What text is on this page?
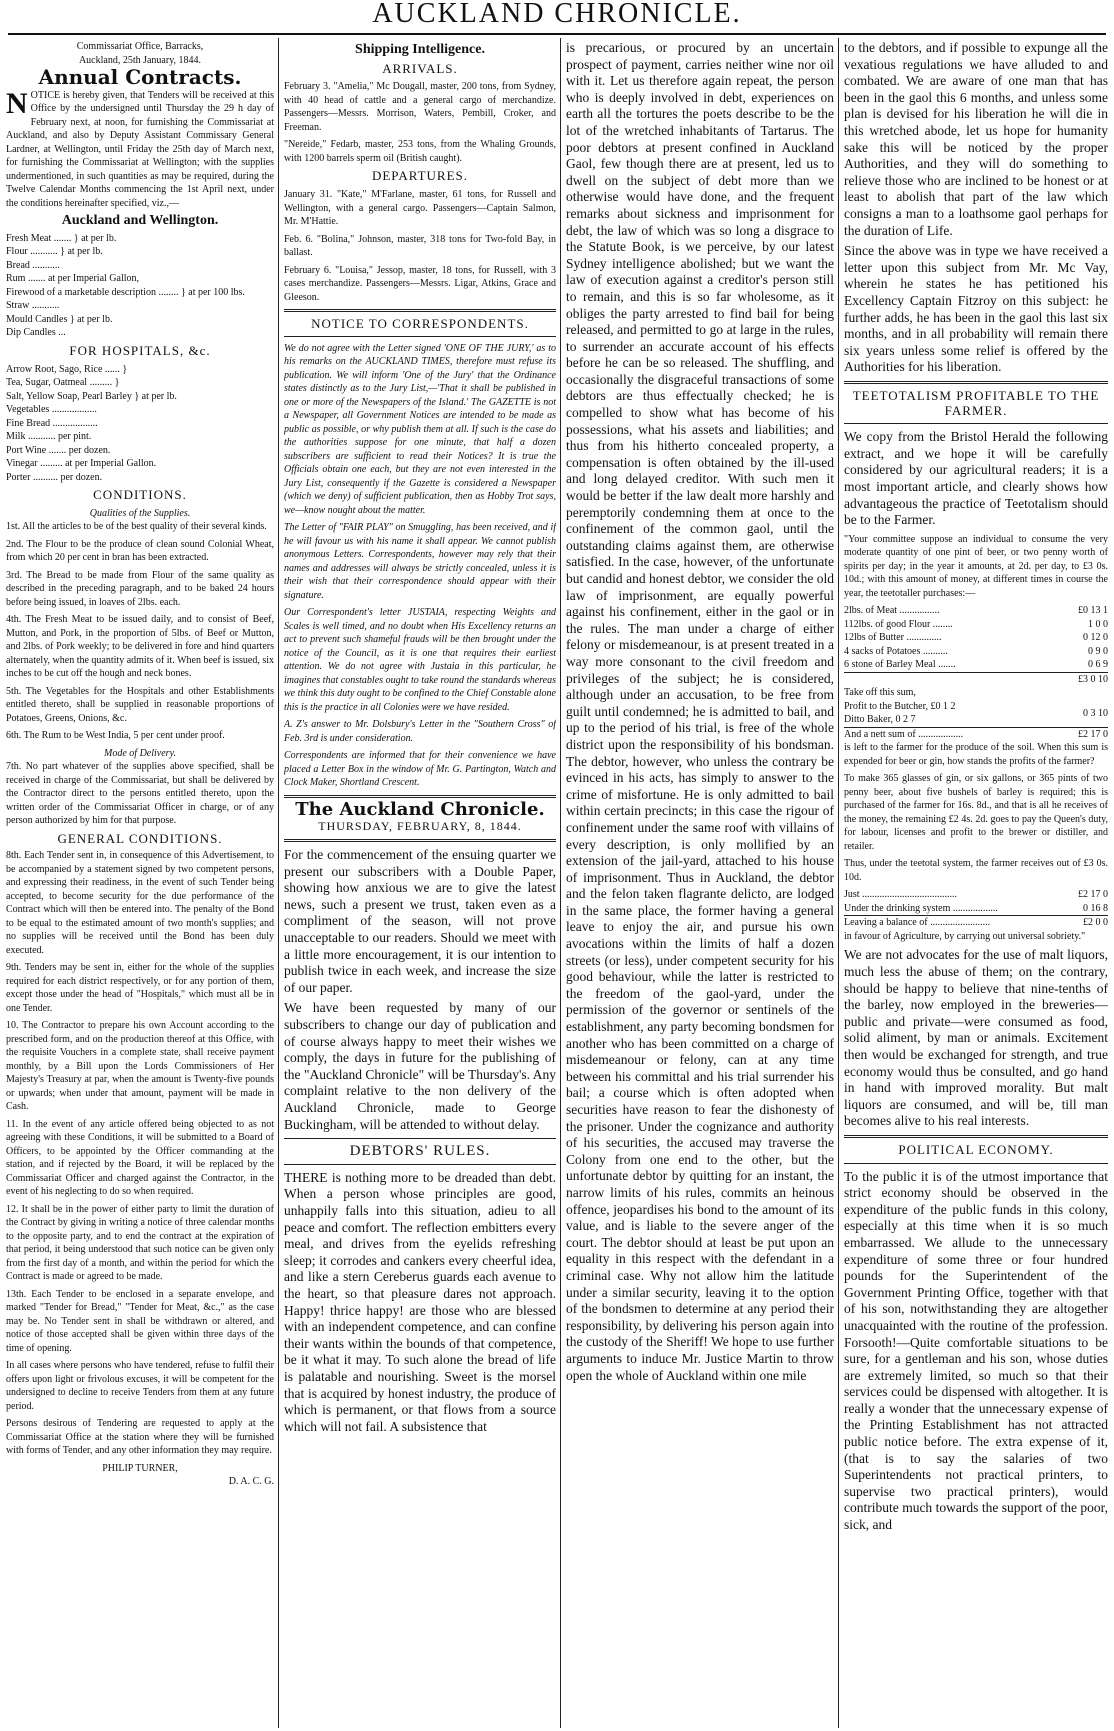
AUCKLAND CHRONICLE.
Commissariat Office, Barracks,
Auckland, 25th January, 1844.
Annual Contracts.

NOTICE is hereby given, that Tenders will be received at this Office by the undersigned until Thursday the 29 h day of February next, at noon, for furnishing the Commissariat at Auckland, and also by Deputy Assistant Commissary General Lardner, at Wellington, until Friday the 25th day of March next, for furnishing the Commissariat at Wellington; with the supplies undermentioned, in such quantities as may be required, during the Twelve Calendar Months commencing the 1st April next, under the conditions hereinafter specified, viz.,—

Auckland and Wellington.
Fresh Meat ....... } at per lb.
Flour ........... } at per lb.
Bread ...........
Rum ....... at per Imperial Gallon,
Firewood of a marketable description ........ } at per 100 lbs.
Straw ...........
Mould Candles } at per lb.
Dip Candles ...
FOR HOSPITALS, &c.
Arrow Root, Sago, Rice ...... }
Tea, Sugar, Oatmeal ......... }
Salt, Yellow Soap, Pearl Barley } at per lb.
Vegetables ..................
Fine Bread ..................
Milk ........... per pint.
Port Wine ....... per dozen.
Vinegar ......... at per Imperial Gallon.
Porter .......... per dozen.
CONDITIONS.
Qualities of the Supplies.

1st. All the articles to be of the best quality of their several kinds.

2nd. The Flour to be the produce of clean sound Colonial Wheat, from which 20 per cent in bran has been extracted.

3rd. The Bread to be made from Flour of the same quality as described in the preceding paragraph, and to be baked 24 hours before being issued, in loaves of 2lbs. each.

4th. The Fresh Meat to be issued daily, and to consist of Beef, Mutton, and Pork, in the proportion of 5lbs. of Beef or Mutton, and 2lbs. of Pork weekly; to be delivered in fore and hind quarters alternately, when the quantity admits of it. When beef is issued, six inches to be cut off the hough and neck bones.

5th. The Vegetables for the Hospitals and other Establishments entitled thereto, shall be supplied in reasonable proportions of Potatoes, Greens, Onions, &c.

6th. The Rum to be West India, 5 per cent under proof.

Mode of Delivery.

7th. No part whatever of the supplies above specified, shall be received in charge of the Commissariat, but shall be delivered by the Contractor direct to the persons entitled thereto, upon the written order of the Commissariat Officer in charge, or of any person authorized by him for that purpose.

GENERAL CONDITIONS.

8th. Each Tender sent in, in consequence of this Advertisement, to be accompanied by a statement signed by two competent persons, and expressing their readiness, in the event of such Tender being accepted, to become security for the due performance of the Contract which will then be entered into. The penalty of the Bond to be equal to the estimated amount of two month's supplies; and no supplies will be received until the Bond has been duly executed.

9th. Tenders may be sent in, either for the whole of the supplies required for each district respectively, or for any portion of them, except those under the head of "Hospitals," which must all be in one Tender.

10. The Contractor to prepare his own Account according to the prescribed form, and on the production thereof at this Office, with the requisite Vouchers in a complete state, shall receive payment monthly, by a Bill upon the Lords Commissioners of Her Majesty's Treasury at par, when the amount is Twenty-five pounds or upwards; when under that amount, payment will be made in Cash.

11. In the event of any article offered being objected to as not agreeing with these Conditions, it will be submitted to a Board of Officers, to be appointed by the Officer commanding at the station, and if rejected by the Board, it will be replaced by the Commissariat Officer and charged against the Contractor, in the event of his neglecting to do so when required.

12. It shall be in the power of either party to limit the duration of the Contract by giving in writing a notice of three calendar months to the opposite party, and to end the contract at the expiration of that period, it being understood that such notice can be given only from the first day of a month, and within the period for which the Contract is made or agreed to be made.

13th. Each Tender to be enclosed in a separate envelope, and marked "Tender for Bread," "Tender for Meat, &c.," as the case may be. No Tender sent in shall be withdrawn or altered, and notice of those accepted shall be given within three days of the time of opening.

In all cases where persons who have tendered, refuse to fulfil their offers upon light or frivolous excuses, it will be competent for the undersigned to decline to receive Tenders from them at any future period.

Persons desirous of Tendering are requested to apply at the Commissariat Office at the station where they will be furnished with forms of Tender, and any other information they may require.

PHILIP TURNER,
D. A. C. G.
Shipping Intelligence.
ARRIVALS.

February 3. "Amelia," Mc Dougall, master, 200 tons, from Sydney, with 40 head of cattle and a general cargo of merchandize. Passengers—Messrs. Morrison, Waters, Pembill, Croker, and Freeman.

"Nereide," Fedarb, master, 253 tons, from the Whaling Grounds, with 1200 barrels sperm oil (British caught).

DEPARTURES.

January 31. "Kate," M'Farlane, master, 61 tons, for Russell and Wellington, with a general cargo. Passengers—Captain Salmon, Mr. M'Hattie.

Feb. 6. "Bolina," Johnson, master, 318 tons for Two-fold Bay, in ballast.

February 6. "Louisa," Jessop, master, 18 tons, for Russell, with 3 cases merchandize. Passengers—Messrs. Ligar, Atkins, Grace and Gleeson.

NOTICE TO CORRESPONDENTS.

We do not agree with the Letter signed 'ONE OF THE JURY,' as to his remarks on the AUCKLAND TIMES, therefore must refuse its publication. We will inform 'One of the Jury' that the Ordinance states distinctly as to the Jury List,—'That it shall be published in one or more of the Newspapers of the Island.' The GAZETTE is not a Newspaper, all Government Notices are intended to be made as public as possible, or why publish them at all. If such is the case do the authorities suppose for one minute, that half a dozen subscribers are sufficient to read their Notices? It is true the Officials obtain one each, but they are not even interested in the Jury List, consequently if the Gazette is considered a Newspaper (which we deny) of sufficient publication, then as Hobby Trot says, we—know nought about the matter.

The Letter of "FAIR PLAY" on Smuggling, has been received, and if he will favour us with his name it shall appear. We cannot publish anonymous Letters. Correspondents, however may rely that their names and addresses will always be strictly concealed, unless it is their wish that their correspondence should appear with their signature.

Our Correspondent's letter JUSTAIA, respecting Weights and Scales is well timed, and no doubt when His Excellency returns an act to prevent such shameful frauds will be then brought under the notice of the Council, as it is one that requires their earliest attention. We do not agree with Justaia in this particular, he imagines that constables ought to take round the standards whereas we think this duty ought to be confined to the Chief Constable alone this is the practice in all Colonies were we have resided.

A. Z's answer to Mr. Dolsbury's Letter in the "Southern Cross" of Feb. 3rd is under consideration.

Correspondents are informed that for their convenience we have placed a Letter Box in the window of Mr. G. Partington, Watch and Clock Maker, Shortland Crescent.

The Auckland Chronicle.
THURSDAY, FEBRUARY, 8, 1844.

For the commencement of the ensuing quarter we present our subscribers with a Double Paper, showing how anxious we are to give the latest news, such a present we trust, taken even as a compliment of the season, will not prove unacceptable to our readers. Should we meet with a little more encouragement, it is our intention to publish twice in each week, and increase the size of our paper.

We have been requested by many of our subscribers to change our day of publication and of course always happy to meet their wishes we comply, the days in future for the publishing of the "Auckland Chronicle" will be Thursday's. Any complaint relative to the non delivery of the Auckland Chronicle, made to George Buckingham, will be attended to without delay.

DEBTORS' RULES.

THERE is nothing more to be dreaded than debt. When a person whose principles are good, unhappily falls into this situation, adieu to all peace and comfort. The reflection embitters every meal, and drives from the eyelids refreshing sleep; it corrodes and cankers every cheerful idea, and like a stern Cereberus guards each avenue to the heart, so that pleasure dares not approach. Happy! thrice happy! are those who are blessed with an independent competence, and can confine their wants within the bounds of that competence, be it what it may. To such alone the bread of life is palatable and nourishing. Sweet is the morsel that is acquired by honest industry, the produce of which is permanent, or that flows from a source which will not fail. A subsistence that

is precarious, or procured by an uncertain prospect of payment, carries neither wine nor oil with it. Let us therefore again repeat, the person who is deeply involved in debt, experiences on earth all the tortures the poets describe to be the lot of the wretched inhabitants of Tartarus. The poor debtors at present confined in Auckland Gaol, few though there are at present, led us to dwell on the subject of debt more than we otherwise would have done, and the frequent remarks about sickness and imprisonment for debt, the law of which was so long a disgrace to the Statute Book, is we perceive, by our latest Sydney intelligence abolished; but we want the law of execution against a creditor's person still to remain, and this is so far wholesome, as it obliges the party arrested to find bail for being released, and permitted to go at large in the rules, to surrender an accurate account of his effects before he can be so released. The shuffling, and occasionally the disgraceful transactions of some debtors are thus effectually checked; he is compelled to show what has become of his possessions, what his assets and liabilities; and thus from his hitherto concealed property, a compensation is often obtained by the ill-used and long delayed creditor. With such men it would be better if the law dealt more harshly and peremptorily condemning them at once to the confinement of the common gaol, until the outstanding claims against them, are otherwise satisfied. In the case, however, of the unfortunate but candid and honest debtor, we consider the old law of imprisonment, are equally powerful against his confinement, either in the gaol or in the rules. The man under a charge of either felony or misdemeanour, is at present treated in a way more consonant to the civil freedom and privileges of the subject; he is considered, although under an accusation, to be free from guilt until condemned; he is admitted to bail, and up to the period of his trial, is free of the whole district upon the responsibility of his bondsman. The debtor, however, who unless the contrary be evinced in his acts, has simply to answer to the crime of misfortune. He is only admitted to bail within certain precincts; in this case the rigour of confinement under the same roof with villains of every description, is only mollified by an extension of the jail-yard, attached to his house of imprisonment. Thus in Auckland, the debtor and the felon taken flagrante delicto, are lodged in the same place, the former having a general leave to enjoy the air, and pursue his own avocations within the limits of half a dozen streets (or less), under competent security for his good behaviour, while the latter is restricted to the freedom of the gaol-yard, under the permission of the governor or sentinels of the establishment, any party becoming bondsmen for another who has been committed on a charge of misdemeanour or felony, can at any time between his committal and his trial surrender his bail; a course which is often adopted when securities have reason to fear the dishonesty of the prisoner. Under the cognizance and authority of his securities, the accused may traverse the Colony from one end to the other, but the unfortunate debtor by quitting for an instant, the narrow limits of his rules, commits an heinous offence, jeopardises his bond to the amount of its value, and is liable to the severe anger of the court. The debtor should at least be put upon an equality in this respect with the defendant in a criminal case. Why not allow him the latitude under a similar security, leaving it to the option of the bondsmen to determine at any period their responsibility, by delivering his person again into the custody of the Sheriff! We hope to use further arguments to induce Mr. Justice Martin to throw open the whole of Auckland within one mile

to the debtors, and if possible to expunge all the vexatious regulations we have alluded to and combated. We are aware of one man that has been in the gaol this 6 months, and unless some plan is devised for his liberation he will die in this wretched abode, let us hope for humanity sake this will be noticed by the proper Authorities, and they will do something to relieve those who are inclined to be honest or at least to abolish that part of the law which consigns a man to a loathsome gaol perhaps for the duration of Life.

Since the above was in type we have received a letter upon this subject from Mr. Mc Vay, wherein he states he has petitioned his Excellency Captain Fitzroy on this subject: he further adds, he has been in the gaol this last six months, and in all probability will remain there six years unless some relief is offered by the Authorities for his liberation.

TEETOTALISM PROFITABLE TO THE FARMER.

We copy from the Bristol Herald the following extract, and we hope it will be carefully considered by our agricultural readers; it is a most important article, and clearly shows how advantageous the practice of Teetotalism should be to the Farmer.

"Your committee suppose an individual to consume the very moderate quantity of one pint of beer, or two penny worth of spirits per day; in the year it amounts, at 2d. per day, to £3 0s. 10d.; with this amount of money, at different times in course the year, the teetotaller purchases:—

2lbs. of Meat ................	£0 13 1
112lbs. of good Flour ........	1 0 0
12lbs of Butter ..............	0 12 0
4 sacks of Potatoes ..........	0 9 0
6 stone of Barley Meal .......	0 6 9
£3 0 10
Take off this sum,
Profit to the Butcher, £0 1 2
Ditto Baker, 0 2 7
0 3 10
And a nett sum of ..................	£2 17 0

is left to the farmer for the produce of the soil. When this sum is expended for beer or gin, how stands the profits of the farmer?

To make 365 glasses of gin, or six gallons, or 365 pints of two penny beer, about five bushels of barley is required; this is purchased of the farmer for 16s. 8d., and that is all he receives of the money, the remaining £2 4s. 2d. goes to pay the Queen's duty, for labour, licenses and profit to the brewer or distiller, and retailer.

Thus, under the teetotal system, the farmer receives out of £3 0s. 10d.

Just ......................................	£2 17 0
Under the drinking system ..................	0 16 8
Leaving a balance of ........................	£2 0 0

in favour of Agriculture, by carrying out universal sobriety."

We are not advocates for the use of malt liquors, much less the abuse of them; on the contrary, should be happy to believe that nine-tenths of the barley, now employed in the breweries—public and private—were consumed as food, solid aliment, by man or animals. Excitement then would be exchanged for strength, and true economy would thus be consulted, and go hand in hand with improved morality. But malt liquors are consumed, and will be, till man becomes alive to his real interests.

POLITICAL ECONOMY.

To the public it is of the utmost importance that strict economy should be observed in the expenditure of the public funds in this colony, especially at this time when it is so much embarrassed. We allude to the unnecessary expenditure of some three or four hundred pounds for the Superintendent of the Government Printing Office, together with that of his son, notwithstanding they are altogether unacquainted with the routine of the profession. Forsooth!—Quite comfortable situations to be sure, for a gentleman and his son, whose duties are extremely limited, so much so that their services could be dispensed with altogether. It is really a wonder that the unnecessary expense of the Printing Establishment has not attracted public notice before. The extra expense of it, (that is to say the salaries of two Superintendents not practical printers, to supervise two practical printers), would contribute much towards the support of the poor, sick, and
